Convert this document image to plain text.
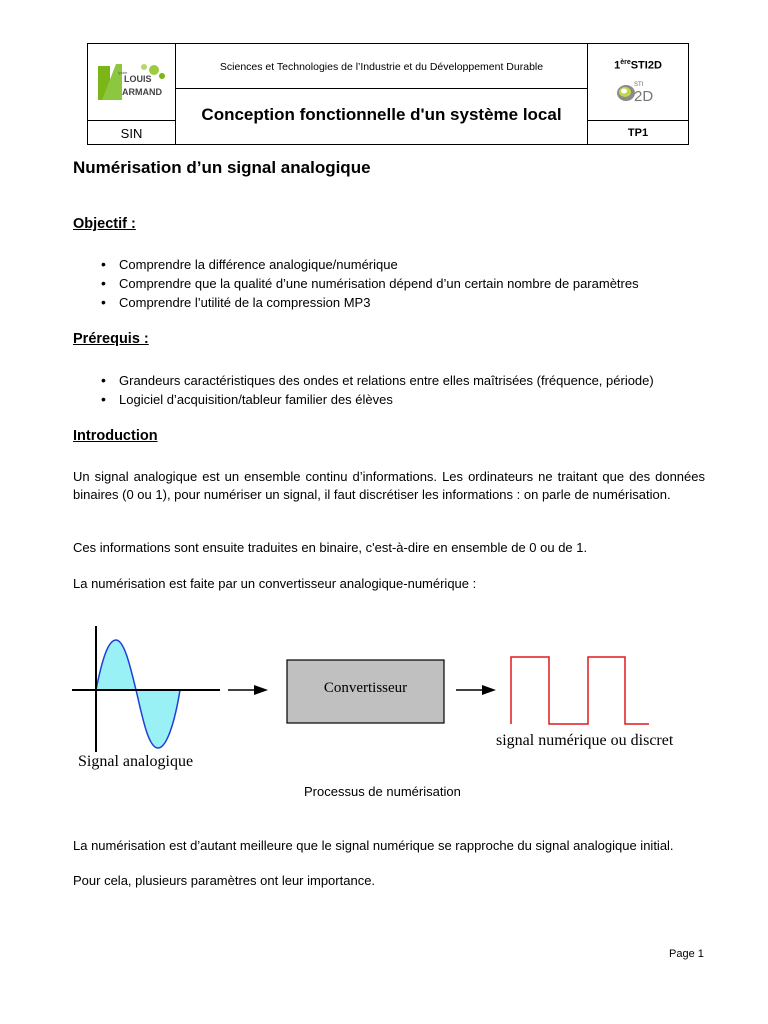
LOUIS
ARMAND
lycée
SIN
Sciences et Technologies de l’Industrie et du Développement Durable
Conception fonctionnelle d'un système local
1èreSTI2D
STI
2D
TP1
Numérisation d’un signal analogique
Objectif :
• Comprendre la différence analogique/numérique
• Comprendre que la qualité d’une numérisation dépend d’un certain nombre de paramètres
• Comprendre l’utilité de la compression MP3
Prérequis :
• Grandeurs caractéristiques des ondes et relations entre elles maîtrisées (fréquence, période)
• Logiciel d’acquisition/tableur familier des élèves
Introduction

Un signal analogique est un ensemble continu d’informations. Les ordinateurs ne traitant que des données binaires (0 ou 1), pour numériser un signal, il faut discrétiser les informations : on parle de numérisation.

Ces informations sont ensuite traduites en binaire, c'est-à-dire en ensemble de 0 ou de 1.

La numérisation est faite par un convertisseur analogique-numérique :

Convertisseur
Signal analogique
signal numérique ou discret
Processus de numérisation

La numérisation est d’autant meilleure que le signal numérique se rapproche du signal analogique initial.

Pour cela, plusieurs paramètres ont leur importance.

Page 1
